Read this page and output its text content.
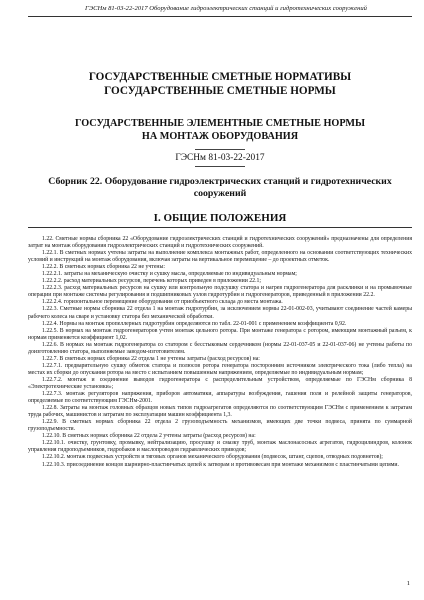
ГЭСНм 81-03-22-2017 Оборудование гидроэлектрических станций и гидротехнических сооружений
ГОСУДАРСТВЕННЫЕ СМЕТНЫЕ НОРМАТИВЫ
ГОСУДАРСТВЕННЫЕ СМЕТНЫЕ НОРМЫ
ГОСУДАРСТВЕННЫЕ ЭЛЕМЕНТНЫЕ СМЕТНЫЕ НОРМЫ
НА МОНТАЖ ОБОРУДОВАНИЯ
ГЭСНм 81-03-22-2017
Сборник 22. Оборудование гидроэлектрических станций и гидротехнических
сооружений
I. ОБЩИЕ ПОЛОЖЕНИЯ

1.22. Сметные нормы сборника 22 «Оборудование гидроэлектрических станций и гидротехнических сооружений» предназначены для определения затрат на монтаж оборудования гидроэлектрических станций и гидротехнических сооружений.

1.22.1. В сметных нормах учтены затраты на выполнение комплекса монтажных работ, определенного на основании соответствующих технических условий и инструкций на монтаж оборудования, включая затраты на вертикальное перемещение – до проектных отметок.

1.22.2. В сметных нормах сборника 22 не учтены:

1.22.2.1. затраты на механическую очистку и сушку масла, определяемые по индивидуальным нормам;

1.22.2.2. расход материальных ресурсов, перечень которых приведен в приложении 22.1;

1.22.2.3. расход материальных ресурсов на сушку или контрольную подсушку статора и нагрев гидрогенератора для расклинки и на промывочные операции при монтаже системы регулирования и подшипниковых узлов гидротурбин и гидрогенераторов, приведенный в приложении 22.2.

1.22.2.4. горизонтальное перемещение оборудования от приобъектного склада до места монтажа.

1.22.3. Сметные нормы сборника 22 отдела 1 на монтаж гидротурбин, за исключением нормы 22-01-002-03, учитывают соединение частей камеры рабочего колеса на сваре и установку статора без механической обработки.

1.22.4. Нормы на монтаж пропеллерных гидротурбин определяются по табл. 22-01-001 с применением коэффициента 0,92.

1.22.5. В нормах на монтаж гидрогенераторов учтен монтаж цельного ротора. При монтаже генератора с ротором, имеющим монтажный разъем, к нормам применяется коэффициент 1,02.

1.22.6. В нормах на монтаж гидрогенератора со статором с бесстыковым сердечником (нормы 22-01-037-05 и 22-01-037-06) не учтены работы по доизготовлению статора, выполняемые заводом-изготовителем.

1.22.7. В сметных нормах сборника 22 отдела 1 не учтены затраты (расход ресурсов) на:

1.22.7.1. предварительную сушку обмоток статора и полюсов ротора генератора посторонним источником электрического тока (либо тепла) на местах их сборки до опускания ротора на место с испытанием повышенным напряжением, определяемые по индивидуальным нормам;

1.22.7.2. монтаж и соединение выводов гидрогенератора с распределительным устройством, определяемые по ГЭСНм сборника 8 «Электротехнические установки»;

1.22.7.3. монтаж регуляторов напряжения, приборов автоматики, аппаратуры возбуждения, гашения поля и релейной защиты генераторов, определяемые по соответствующим ГЭСНм-2001.

1.22.8. Затраты на монтаж головных образцов новых типов гидроагрегатов определяются по соответствующим ГЭСНм с применением к затратам труда рабочих, машинистов и затратам по эксплуатации машин коэффициента 1,3.

1.22.9. В сметных нормах сборника 22 отдела 2 грузоподъемность механизмов, имеющих две точки подвеса, принята по суммарной грузоподъемности.

1.22.10. В сметных нормах сборника 22 отдела 2 учтены затраты (расход ресурсов) на:

1.22.10.1. очистку, грунтовку, промывку, нейтрализацию, просушку и смазку труб, монтаж маслонасосных агрегатов, гидроцилиндров, колонок управления гидроподъемников, гидробаков и маслопроводов гидравлических приводов;

1.22.10.2. монтаж подвесных устройств и тяговых органов механического оборудования (подвесок, штанг, сцепов, отводных подовнетов);

1.22.10.3. присоединение концов шарнирно-пластинчатых цепей к затворам и противовесам при монтаже механизмов с пластинчатыми цепями.

1
